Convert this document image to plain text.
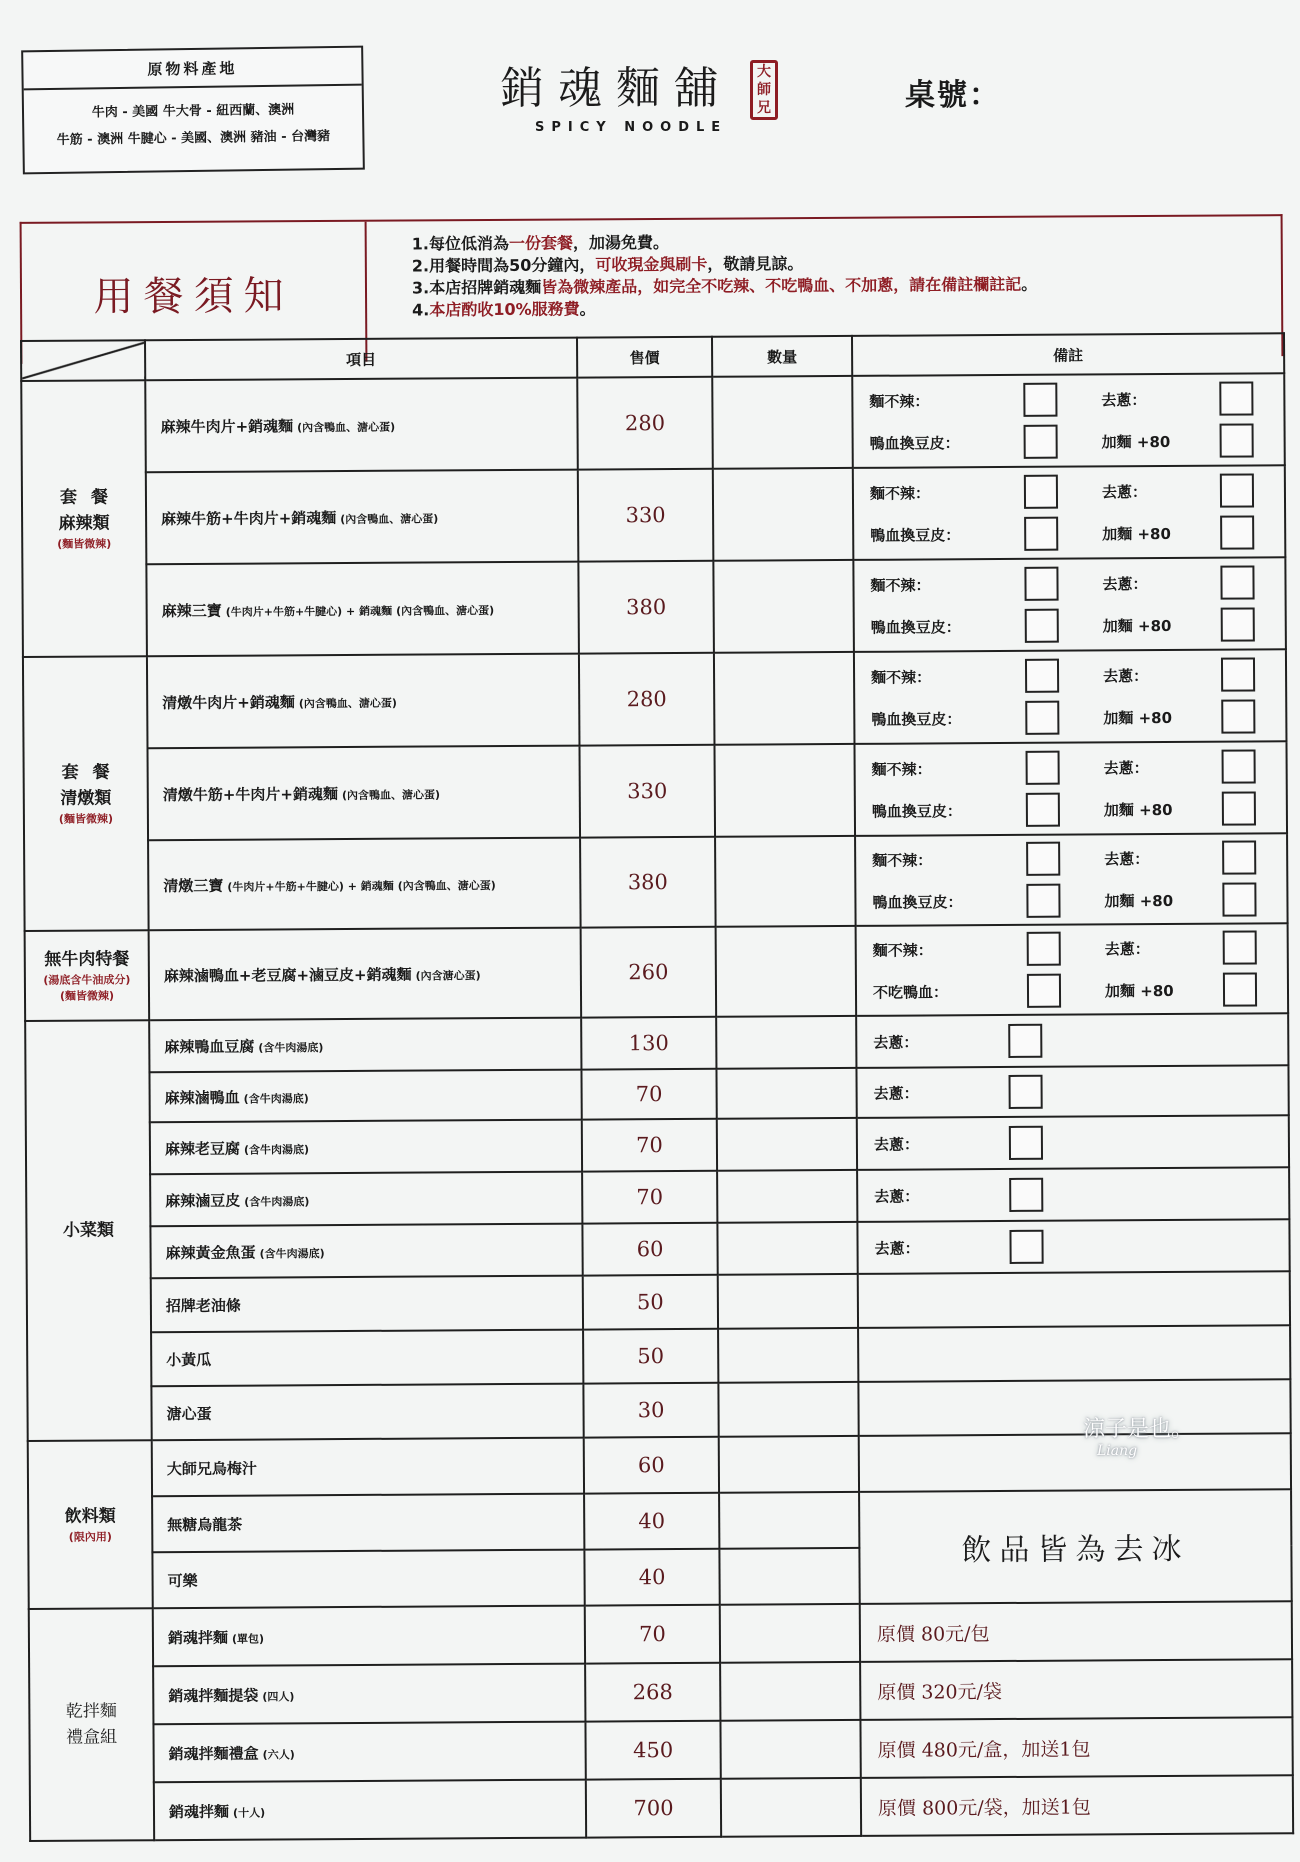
原物料產地
牛肉 - 美國 牛大骨 - 紐西蘭、澳洲
牛筋 - 澳洲 牛腱心 - 美國、澳洲 豬油 - 台灣豬
銷魂麵舖
SPICY NOODLE
大
師
兄	桌號：
用餐須知
1.每位低消為一份套餐，加湯免費。
2.用餐時間為50分鐘內，可收現金與刷卡，敬請見諒。
3.本店招牌銷魂麵皆為微辣產品，如完全不吃辣、不吃鴨血、不加蔥，請在備註欄註記。
4.本店酌收10%服務費。
	項目	售價	數量	備註
套餐
麻辣類
(麵皆微辣)	麻辣牛肉片+銷魂麵 (內含鴨血、溏心蛋)	280		麵不辣： 去蔥：
鴨血換豆皮： 加麵 +80

	麻辣牛筋+牛肉片+銷魂麵 (內含鴨血、溏心蛋)	330		麵不辣： 去蔥：
鴨血換豆皮： 加麵 +80

	麻辣三寶 (牛肉片+牛筋+牛腱心) + 銷魂麵 (內含鴨血、溏心蛋)	380		麵不辣： 去蔥：
鴨血換豆皮： 加麵 +80

套餐
清燉類
(麵皆微辣)	清燉牛肉片+銷魂麵 (內含鴨血、溏心蛋)	280		麵不辣： 去蔥：
鴨血換豆皮： 加麵 +80

	清燉牛筋+牛肉片+銷魂麵 (內含鴨血、溏心蛋)	330		麵不辣： 去蔥：
鴨血換豆皮： 加麵 +80

	清燉三寶 (牛肉片+牛筋+牛腱心) + 銷魂麵 (內含鴨血、溏心蛋)	380		麵不辣： 去蔥：
鴨血換豆皮： 加麵 +80

無牛肉特餐
(湯底含牛油成分)
(麵皆微辣)	麻辣滷鴨血+老豆腐+滷豆皮+銷魂麵 (內含溏心蛋)	260		麵不辣： 去蔥：
不吃鴨血： 加麵 +80

小菜類	麻辣鴨血豆腐 (含牛肉湯底)	130		去蔥：

	麻辣滷鴨血 (含牛肉湯底)	70		去蔥：

	麻辣老豆腐 (含牛肉湯底)	70		去蔥：

	麻辣滷豆皮 (含牛肉湯底)	70		去蔥：

	麻辣黃金魚蛋 (含牛肉湯底)	60		去蔥：

	招牌老油條	50		
	小黃瓜	50		
	溏心蛋	30		
飲料類
(限內用)	大師兄烏梅汁	60		
	無糖烏龍茶	40		飲品皆為去冰
	可樂	40		
乾拌麵
禮盒組	銷魂拌麵 (單包)	70		原價 80元/包
	銷魂拌麵提袋 (四人)	268		原價 320元/袋
	銷魂拌麵禮盒 (六人)	450		原價 480元/盒，加送1包
	銷魂拌麵 (十人)	700		原價 800元/袋，加送1包
涼子是也。
Liang
